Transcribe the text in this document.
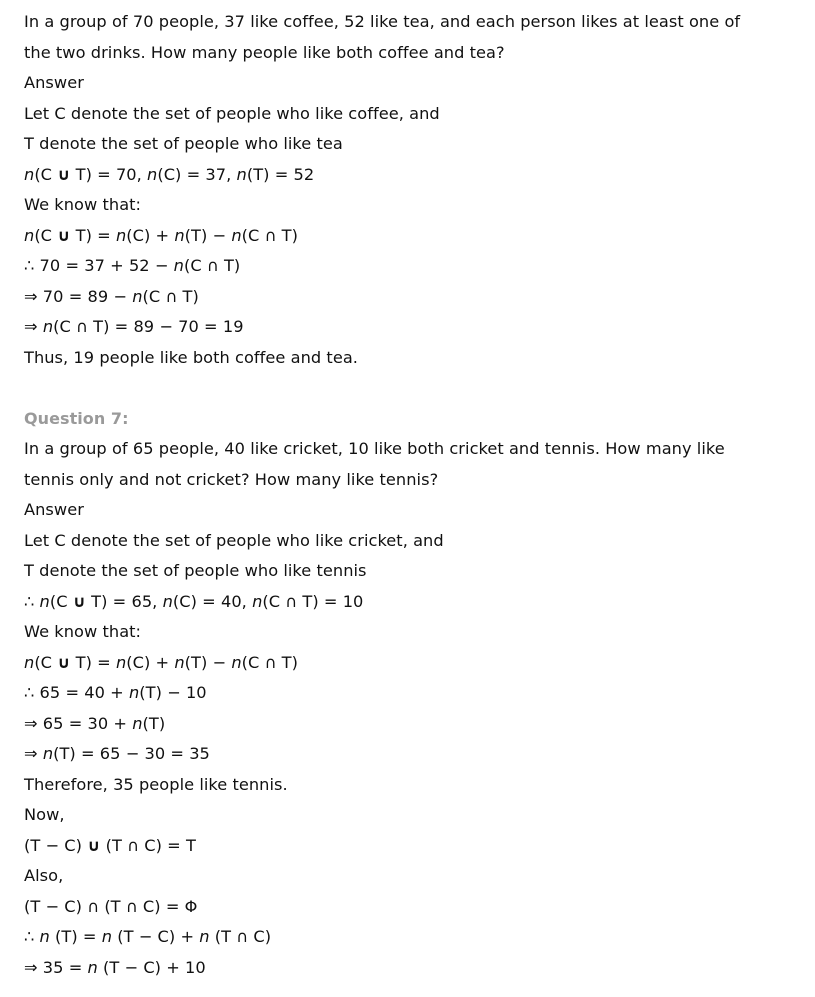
In a group of 70 people, 37 like coffee, 52 like tea, and each person likes at least one of
the two drinks. How many people like both coffee and tea?
Answer
Let C denote the set of people who like coffee, and
T denote the set of people who like tea
n(C ∪ T) = 70, n(C) = 37, n(T) = 52
We know that:
n(C ∪ T) = n(C) + n(T) − n(C ∩ T)
∴ 70 = 37 + 52 − n(C ∩ T)
⇒ 70 = 89 − n(C ∩ T)
⇒ n(C ∩ T) = 89 − 70 = 19
Thus, 19 people like both coffee and tea.
Question 7:
In a group of 65 people, 40 like cricket, 10 like both cricket and tennis. How many like
tennis only and not cricket? How many like tennis?
Answer
Let C denote the set of people who like cricket, and
T denote the set of people who like tennis
∴ n(C ∪ T) = 65, n(C) = 40, n(C ∩ T) = 10
We know that:
n(C ∪ T) = n(C) + n(T) − n(C ∩ T)
∴ 65 = 40 + n(T) − 10
⇒ 65 = 30 + n(T)
⇒ n(T) = 65 − 30 = 35
Therefore, 35 people like tennis.
Now,
(T − C) ∪ (T ∩ C) = T
Also,
(T − C) ∩ (T ∩ C) = Φ
∴ n (T) = n (T − C) + n (T ∩ C)
⇒ 35 = n (T − C) + 10
